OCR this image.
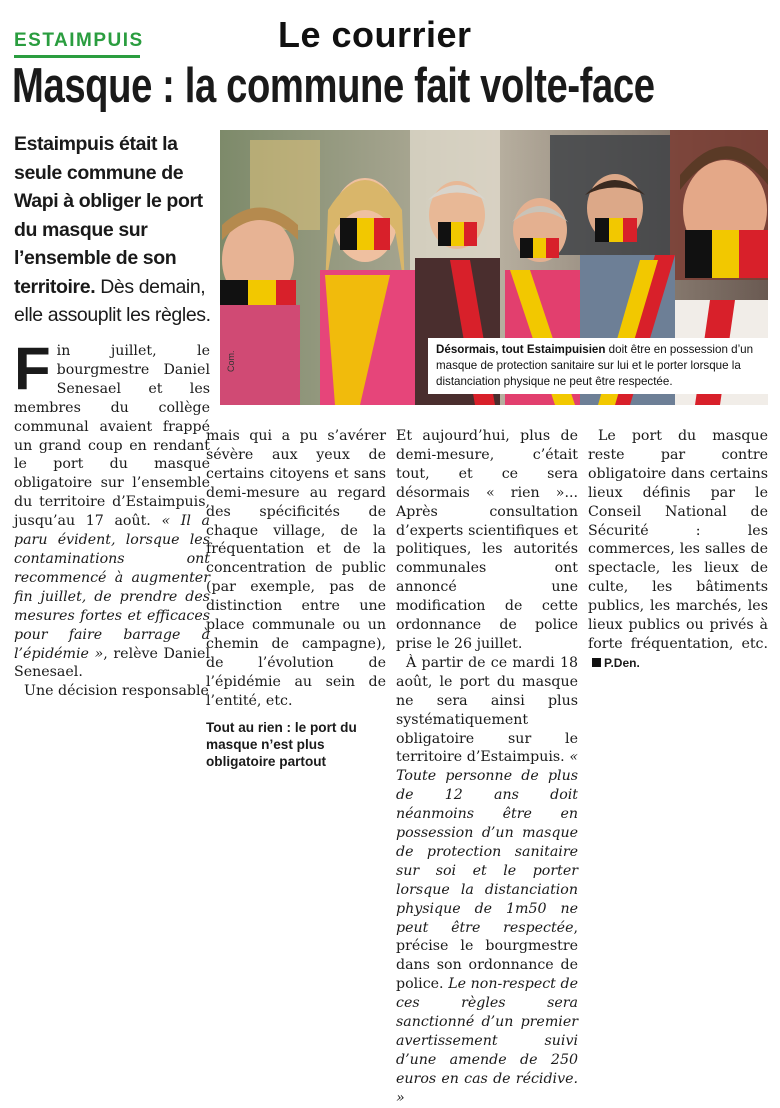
ESTAIMPUIS	Le courrier
Masque : la commune fait volte-face
Estaimpuis était la seule commune de Wapi à obliger le port du masque sur l’ensemble de son territoire. Dès demain, elle assouplit les règles.
Com.
Désormais, tout Estaimpuisien doit être en possession d’un masque de protection sanitaire sur lui et le porter lorsque la distanciation physique ne peut être respectée.

Fin juillet, le bourgmestre Daniel Senesael et les membres du collège communal avaient frappé un grand coup en rendant le port du masque obligatoire sur l’ensemble du territoire d’Estaimpuis, jusqu’au 17 août. « Il a paru évident, lorsque les contaminations ont recommencé à augmenter fin juillet, de prendre des mesures fortes et efficaces pour faire barrage à l’épidémie », relève Daniel Senesael.

Une décision responsable

mais qui a pu s’avérer sévère aux yeux de certains citoyens et sans demi-mesure au regard des spécificités de chaque village, de la fréquentation et de la concentration de public (par exemple, pas de distinction entre une place communale ou un chemin de campagne), de l’évolution de l’épidémie au sein de l’entité, etc.

Tout au rien : le port du masque n’est plus obligatoire partout

Et aujourd’hui, plus de demi-mesure, c’était tout, et ce sera désormais « rien »... Après consultation d’experts scientifiques et politiques, les autorités communales ont annoncé une modification de cette ordonnance de police prise le 26 juillet.

À partir de ce mardi 18 août, le port du masque ne sera ainsi plus systématiquement obligatoire sur le territoire d’Estaimpuis. « Toute personne de plus de 12 ans doit néanmoins être en possession d’un masque de protection sanitaire sur soi et le porter lorsque la distanciation physique de 1m50 ne peut être respectée, précise le bourgmestre dans son ordonnance de police. Le non-respect de ces règles sera sanctionné d’un premier avertissement suivi d’une amende de 250 euros en cas de récidive. »

Le port du masque reste par contre obligatoire dans certains lieux définis par le Conseil National de Sécurité : les commerces, les salles de spectacle, les lieux de culte, les bâtiments publics, les marchés, les lieux publics ou privés à forte fréquentation, etc.P.Den.
